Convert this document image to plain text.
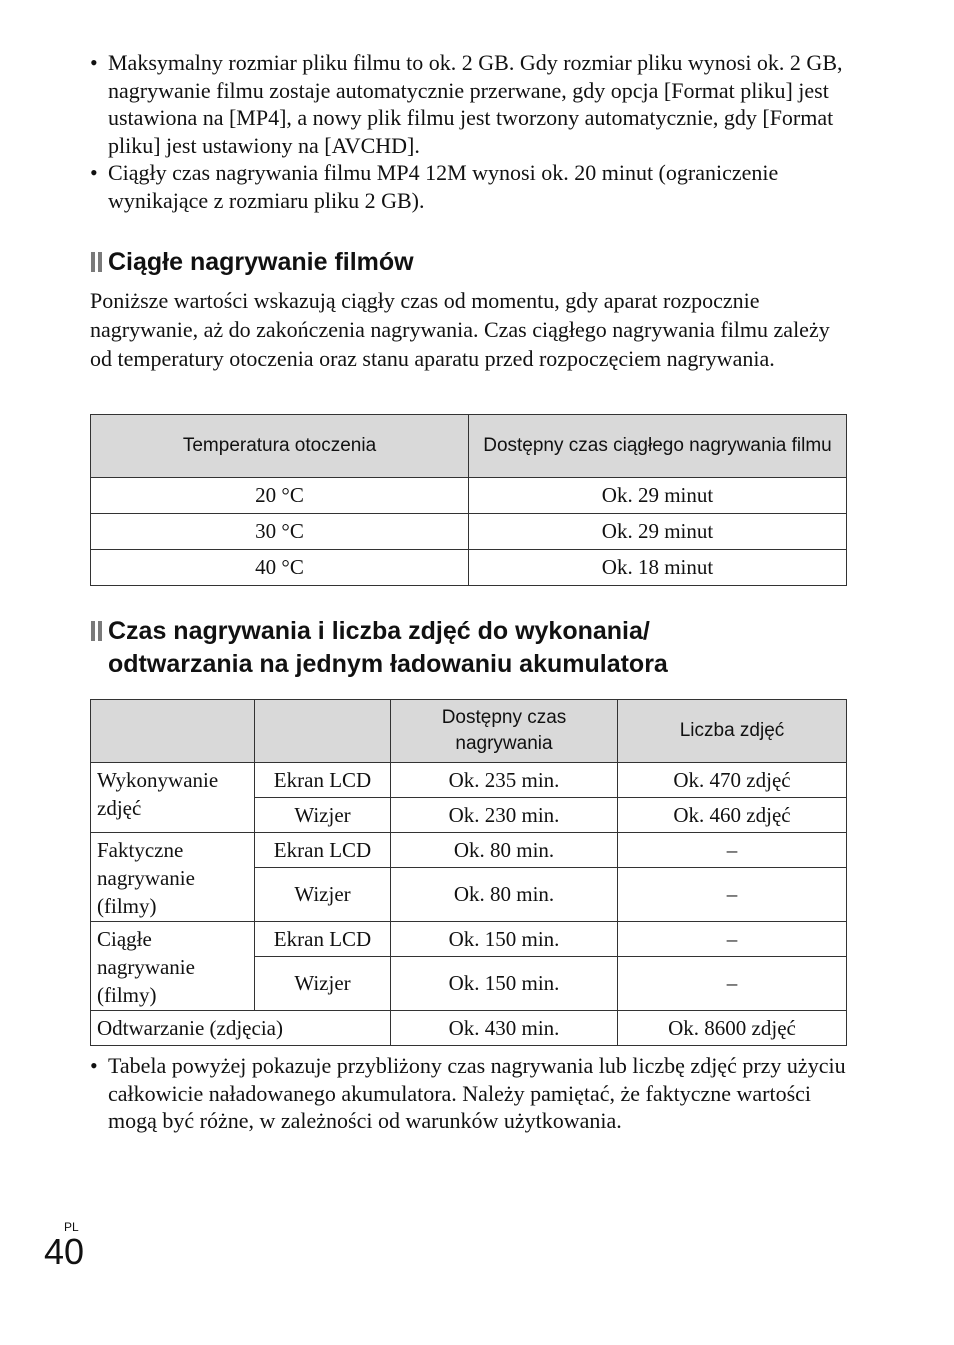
• Maksymalny rozmiar pliku filmu to ok. 2 GB. Gdy rozmiar pliku wynosi ok. 2 GB, nagrywanie filmu zostaje automatycznie przerwane, gdy opcja [Format pliku] jest ustawiona na [MP4], a nowy plik filmu jest tworzony automatycznie, gdy [Format pliku] jest ustawiony na [AVCHD].
• Ciągły czas nagrywania filmu MP4 12M wynosi ok. 20 minut (ograniczenie wynikające z rozmiaru pliku 2 GB).
Ciągłe nagrywanie filmów

Poniższe wartości wskazują ciągły czas od momentu, gdy aparat rozpocznie nagrywanie, aż do zakończenia nagrywania. Czas ciągłego nagrywania filmu zależy od temperatury otoczenia oraz stanu aparatu przed rozpoczęciem nagrywania.

Temperatura otoczenia	Dostępny czas ciągłego nagrywania filmu
20 °C	Ok. 29 minut
30 °C	Ok. 29 minut
40 °C	Ok. 18 minut
Czas nagrywania i liczba zdjęć do wykonania/
odtwarzania na jednym ładowaniu akumulatora
		Dostępny czas nagrywania	Liczba zdjęć
Wykonywanie zdjęć	Ekran LCD	Ok. 235 min.	Ok. 470 zdjęć
	Wizjer	Ok. 230 min.	Ok. 460 zdjęć
Faktyczne nagrywanie (filmy)	Ekran LCD	Ok. 80 min.	–
	Wizjer	Ok. 80 min.	–
Ciągłe nagrywanie (filmy)	Ekran LCD	Ok. 150 min.	–
	Wizjer	Ok. 150 min.	–
Odtwarzanie (zdjęcia)		Ok. 430 min.	Ok. 8600 zdjęć
• Tabela powyżej pokazuje przybliżony czas nagrywania lub liczbę zdjęć przy użyciu całkowicie naładowanego akumulatora. Należy pamiętać, że faktyczne wartości mogą być różne, w zależności od warunków użytkowania.
PL
40
